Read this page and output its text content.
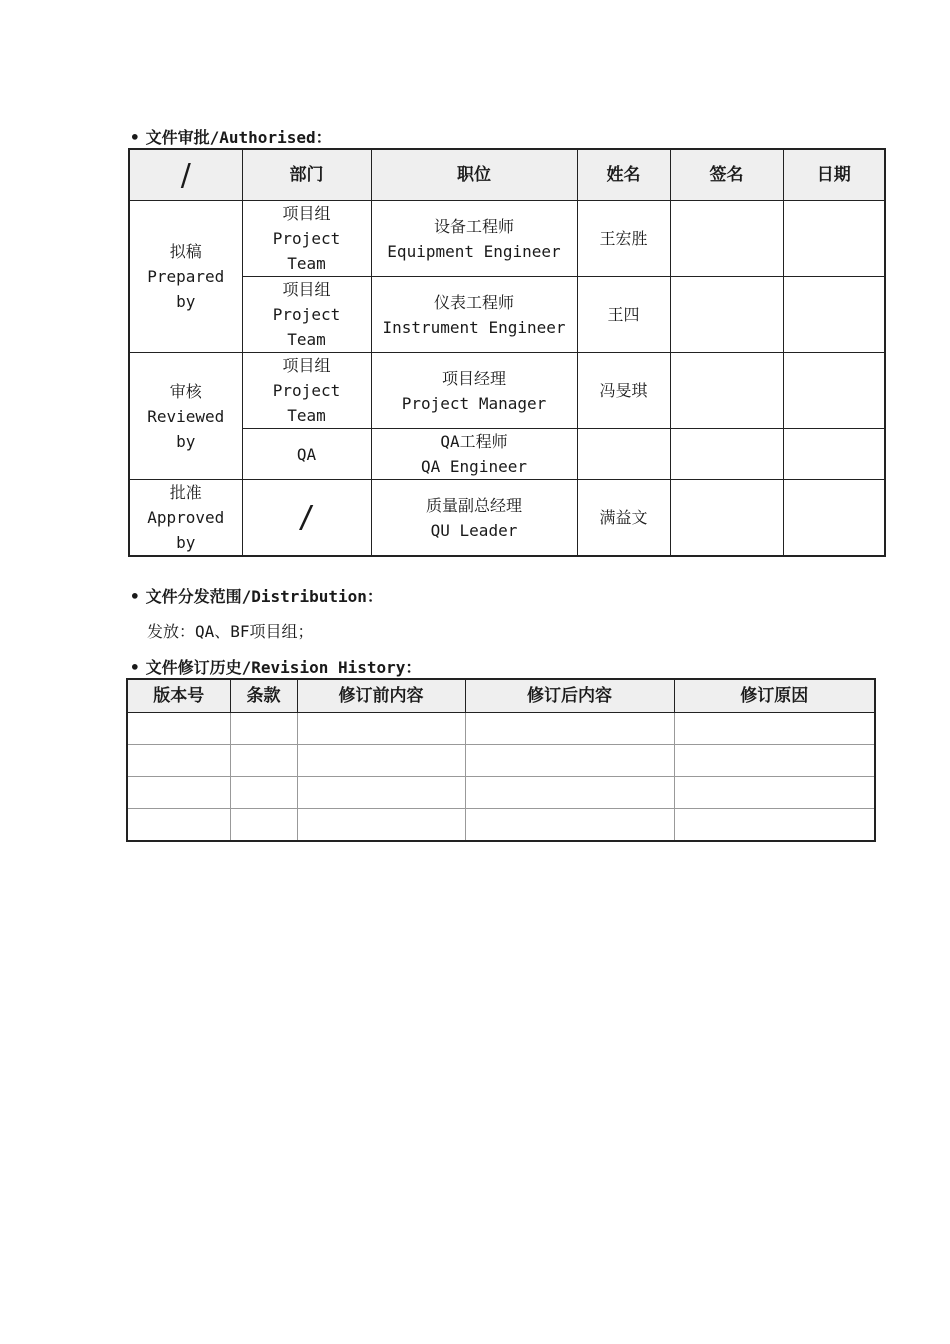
• 文件审批/Authorised：
/	部门	职位	姓名	签名	日期

拟稿
Prepared
by	项目组
Project
Team	设备工程师
Equipment Engineer	王宏胜		

	项目组
Project
Team	仪表工程师
Instrument Engineer	王四		

审核
Reviewed
by	项目组
Project
Team	项目经理
Project Manager	冯旻琪		

	QA	QA工程师
QA Engineer			

批准
Approved
by	/	质量副总经理
QU Leader	满益文		
• 文件分发范围/Distribution：
发放：QA、BF项目组；
• 文件修订历史/Revision History：
版本号	条款	修订前内容	修订后内容	修订原因
